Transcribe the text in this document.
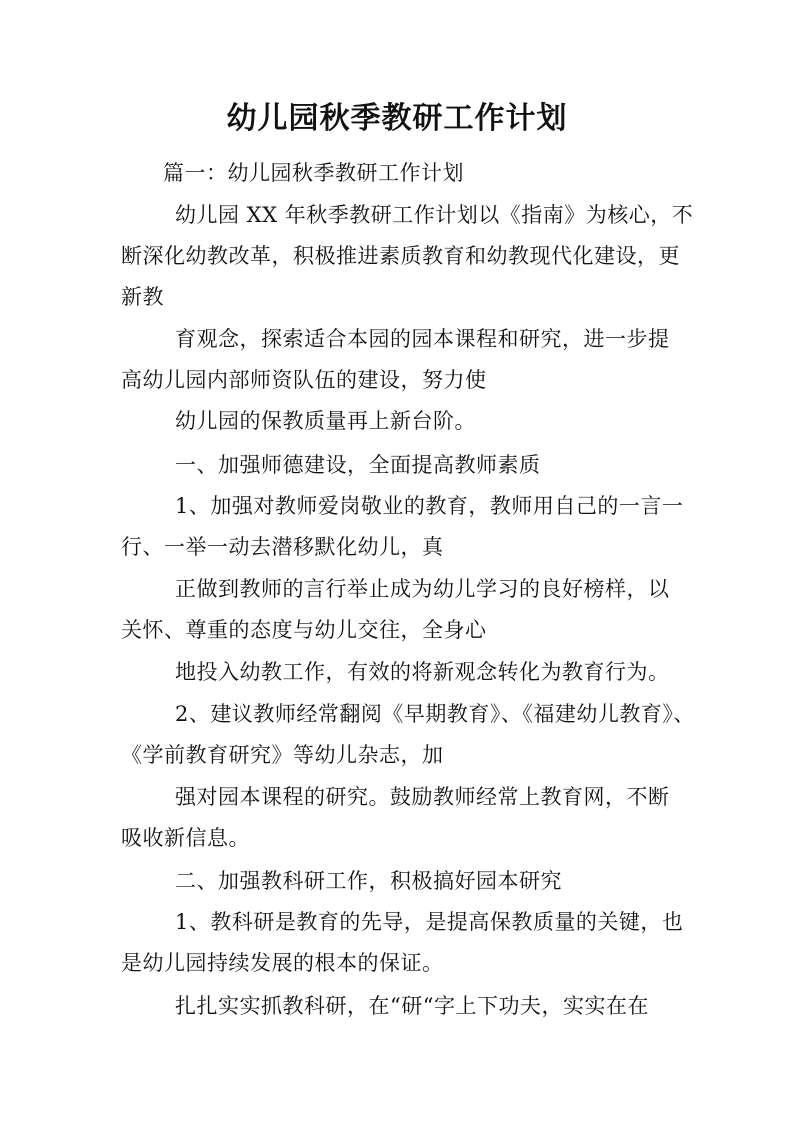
幼儿园秋季教研工作计划
篇一：幼儿园秋季教研工作计划
幼儿园 XX 年秋季教研工作计划以《指南》为核心，不
断深化幼教改革，积极推进素质教育和幼教现代化建设，更
新教
育观念，探索适合本园的园本课程和研究，进一步提
高幼儿园内部师资队伍的建设，努力使
幼儿园的保教质量再上新台阶。
一、加强师德建设，全面提高教师素质
1、加强对教师爱岗敬业的教育，教师用自己的一言一
行、一举一动去潜移默化幼儿，真
正做到教师的言行举止成为幼儿学习的良好榜样，以
关怀、尊重的态度与幼儿交往，全身心
地投入幼教工作，有效的将新观念转化为教育行为。
2、建议教师经常翻阅《早期教育》、《福建幼儿教育》、
《学前教育研究》等幼儿杂志，加
强对园本课程的研究。鼓励教师经常上教育网，不断
吸收新信息。
二、加强教科研工作，积极搞好园本研究
1、教科研是教育的先导，是提高保教质量的关键，也
是幼儿园持续发展的根本的保证。
扎扎实实抓教科研，在“研“字上下功夫，实实在在
